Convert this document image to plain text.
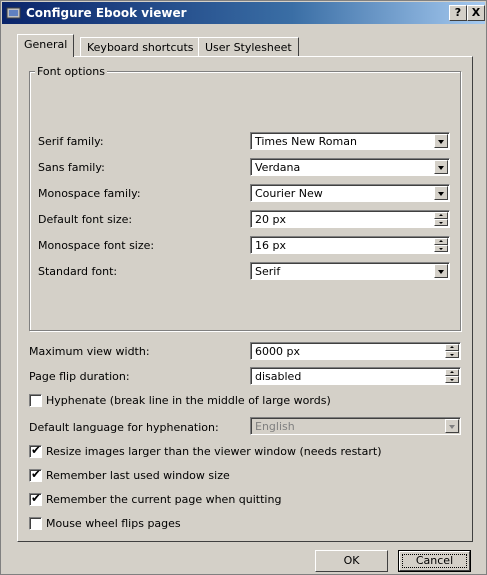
Configure Ebook viewer	? X
General	Keyboard shortcuts	User Stylesheet
Font options
Serif family:	Times New Roman
Sans family:	Verdana
Monospace family:	Courier New
Default font size:	20 px
Monospace font size:	16 px
Standard font:	Serif
Maximum view width:	6000 px
Page flip duration:	disabled
Hyphenate (break line in the middle of large words)
Default language for hyphenation:	English
✔ Resize images larger than the viewer window (needs restart)
✔ Remember last used window size
✔ Remember the current page when quitting
Mouse wheel flips pages
OK	Cancel
